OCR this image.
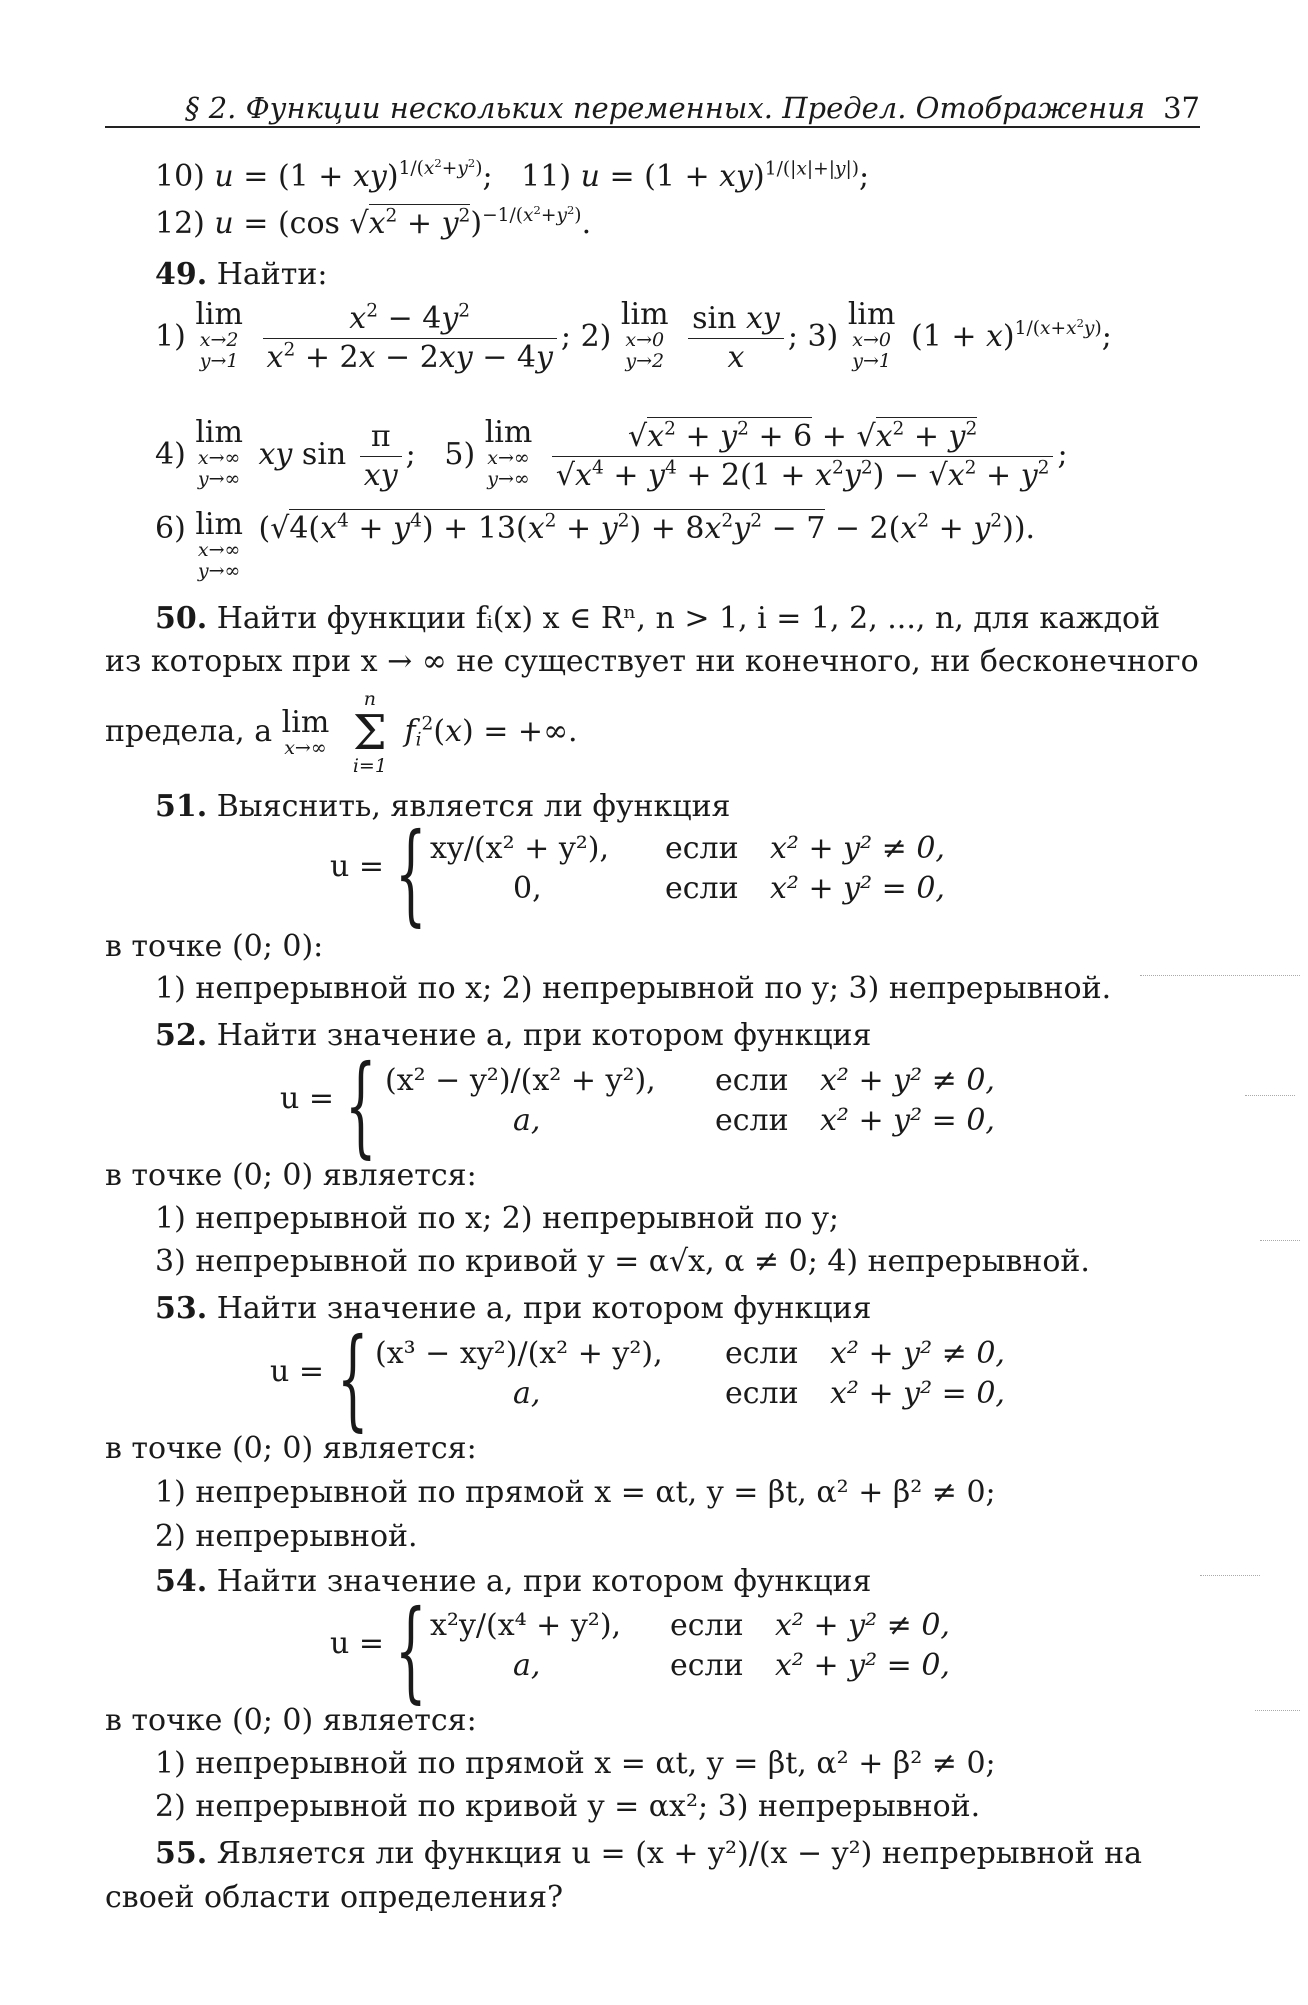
§ 2. Функции нескольких переменных. Предел. Отображения 37
10) u = (1 + xy)$^{1/(x^2+y^2)}$;   11) u = (1 + xy)$^{1/(|x|+|y|)}$;
12) u = (cos $√x^2 + y^2)^{-1/(x^2+y^2)}$.
49. Найти:
1)
lim
x→2
y→1
$\frac{x^2 - 4y^2}{x^2 + 2x - 2xy - 4y}$ ; 2)
lim
x→0
y→2
$\frac{\text{sin xy}}{x}$ ; 3)
lim
x→0
y→1
$(1 + x)^{1/(x+x^2y)}$;
4)
lim
x→∞
y→∞
xy $\sin \frac{\pi}{xy}$ ;   5)
lim
x→∞
y→∞
$\frac{√x^2 + y^2 + 6 + √x^2 + y^2}{√x^4 + y^4 + 2(1 + x^2y^2) - √x^2 + y^2}$ ;
6) lim
x→∞
y→∞
$(√4(x^4 + y^4) + 13(x^2 + y^2) + 8x^2y^2 - 7 - 2(x^2 + y^2))$.
50. Найти функции fᵢ(x) x ∈ Rⁿ, n > 1, i = 1, 2, ..., n, для каждой
из которых при x → ∞ не существует ни конечного, ни бесконечного
предела, а lim
x→∞

n
Σ
i=1
$f_i^2(x)$ = +∞.
51. Выяснить, является ли функция
u = { xy/(x² + y²),
0,
если
если
x² + y² ≠ 0,
x² + y² = 0,
в точке (0; 0):
1) непрерывной по x; 2) непрерывной по y; 3) непрерывной.
52. Найти значение a, при котором функция
u = { (x² − y²)/(x² + y²),
a,
если
если
x² + y² ≠ 0,
x² + y² = 0,
в точке (0; 0) является:
1) непрерывной по x; 2) непрерывной по y;
3) непрерывной по кривой y = α√x, α ≠ 0; 4) непрерывной.
53. Найти значение a, при котором функция
u = { (x³ − xy²)/(x² + y²),
a,
если
если
x² + y² ≠ 0,
x² + y² = 0,
в точке (0; 0) является:
1) непрерывной по прямой x = αt, y = βt, α² + β² ≠ 0;
2) непрерывной.
54. Найти значение a, при котором функция
u = { x²y/(x⁴ + y²),
a,
если
если
x² + y² ≠ 0,
x² + y² = 0,
в точке (0; 0) является:
1) непрерывной по прямой x = αt, y = βt, α² + β² ≠ 0;
2) непрерывной по кривой y = αx²; 3) непрерывной.
55. Является ли функция u = (x + y²)/(x − y²) непрерывной на
своей области определения?
